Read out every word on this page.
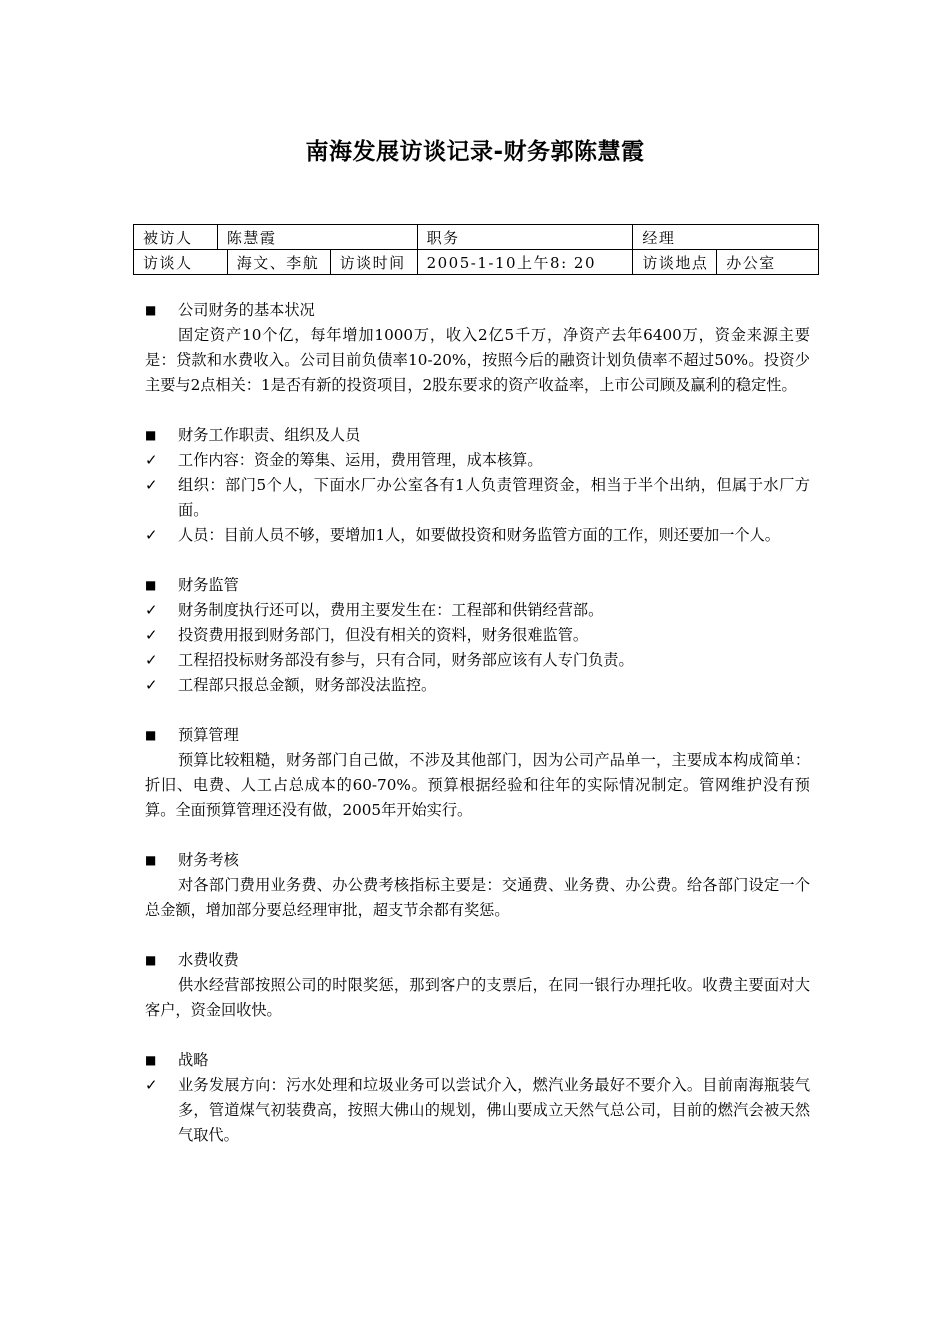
南海发展访谈记录-财务郭陈慧霞
被访人	陈慧霞			职务	经理	
访谈人		海文、李航	访谈时间	2005-1-10上午8: 20	访谈地点	办公室
■ 公司财务的基本状况
固定资产10个亿，每年增加1000万，收入2亿5千万，净资产去年6400万，资金来源主要是：贷款和水费收入。公司目前负债率10-20%，按照今后的融资计划负债率不超过50%。投资少主要与2点相关：1是否有新的投资项目，2股东要求的资产收益率，上市公司顾及赢利的稳定性。
■ 财务工作职责、组织及人员
✓ 工作内容：资金的筹集、运用，费用管理，成本核算。
✓ 组织：部门5个人，下面水厂办公室各有1人负责管理资金，相当于半个出纳，但属于水厂方面。
✓ 人员：目前人员不够，要增加1人，如要做投资和财务监管方面的工作，则还要加一个人。
■ 财务监管
✓ 财务制度执行还可以，费用主要发生在：工程部和供销经营部。
✓ 投资费用报到财务部门，但没有相关的资料，财务很难监管。
✓ 工程招投标财务部没有参与，只有合同，财务部应该有人专门负责。
✓ 工程部只报总金额，财务部没法监控。
■ 预算管理
预算比较粗糙，财务部门自己做，不涉及其他部门，因为公司产品单一，主要成本构成简单：折旧、电费、人工占总成本的60-70%。预算根据经验和往年的实际情况制定。管网维护没有预算。全面预算管理还没有做，2005年开始实行。
■ 财务考核
对各部门费用业务费、办公费考核指标主要是：交通费、业务费、办公费。给各部门设定一个总金额，增加部分要总经理审批，超支节余都有奖惩。
■ 水费收费
供水经营部按照公司的时限奖惩，那到客户的支票后，在同一银行办理托收。收费主要面对大客户，资金回收快。
■ 战略
✓ 业务发展方向：污水处理和垃圾业务可以尝试介入，燃汽业务最好不要介入。目前南海瓶装气多，管道煤气初装费高，按照大佛山的规划，佛山要成立天然气总公司，目前的燃汽会被天然气取代。
